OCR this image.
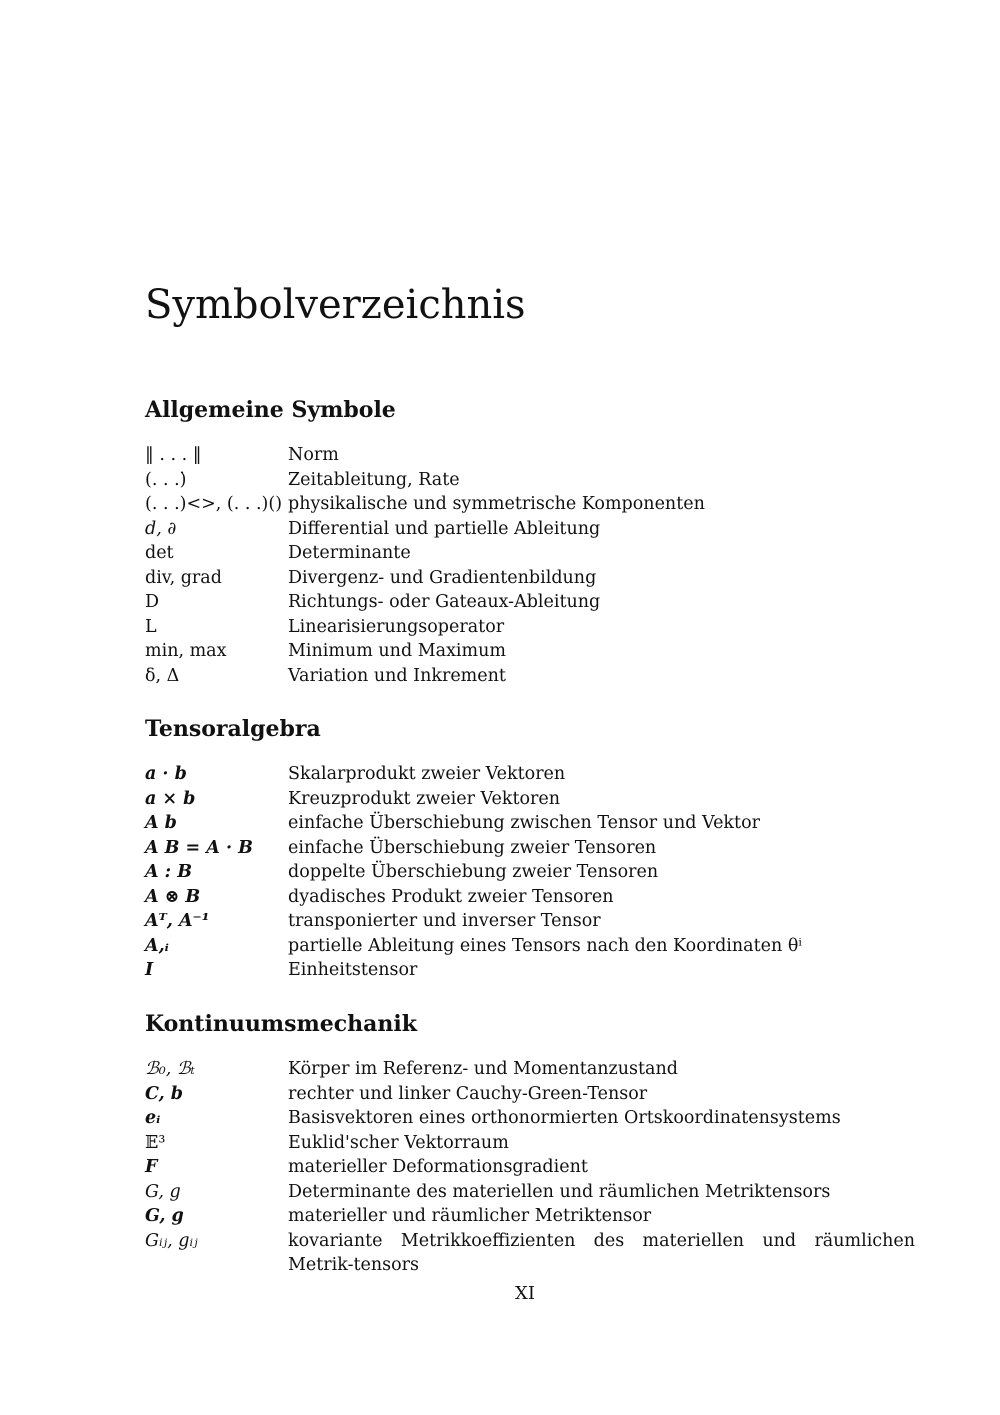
Symbolverzeichnis
Allgemeine Symbole
‖ . . . ‖	Norm
(. . .)̇	Zeitableitung, Rate
(. . .)<>, (. . .)() physikalische und symmetrische Komponenten
d, ∂	Differential und partielle Ableitung
det	Determinante
div, grad	Divergenz- und Gradientenbildung
D	Richtungs- oder Gateaux-Ableitung
L	Linearisierungsoperator
min, max	Minimum und Maximum
δ, Δ	Variation und Inkrement
Tensoralgebra
a · b	Skalarprodukt zweier Vektoren
a × b	Kreuzprodukt zweier Vektoren
A b	einfache Überschiebung zwischen Tensor und Vektor
A B = A · B	einfache Überschiebung zweier Tensoren
A : B	doppelte Überschiebung zweier Tensoren
A ⊗ B	dyadisches Produkt zweier Tensoren
Aᵀ, A⁻¹	transponierter und inverser Tensor
A,ᵢ	partielle Ableitung eines Tensors nach den Koordinaten θⁱ
I	Einheitstensor
Kontinuumsmechanik
ℬ₀, ℬₜ	Körper im Referenz- und Momentanzustand
C, b	rechter und linker Cauchy-Green-Tensor
eᵢ	Basisvektoren eines orthonormierten Ortskoordinatensystems
𝔼³	Euklid'scher Vektorraum
F	materieller Deformationsgradient
G, g	Determinante des materiellen und räumlichen Metriktensors
G, g	materieller und räumlicher Metriktensor
Gᵢⱼ, gᵢⱼ	kovariante Metrikkoeffizienten des materiellen und räumlichen Metrik-tensors
XI
